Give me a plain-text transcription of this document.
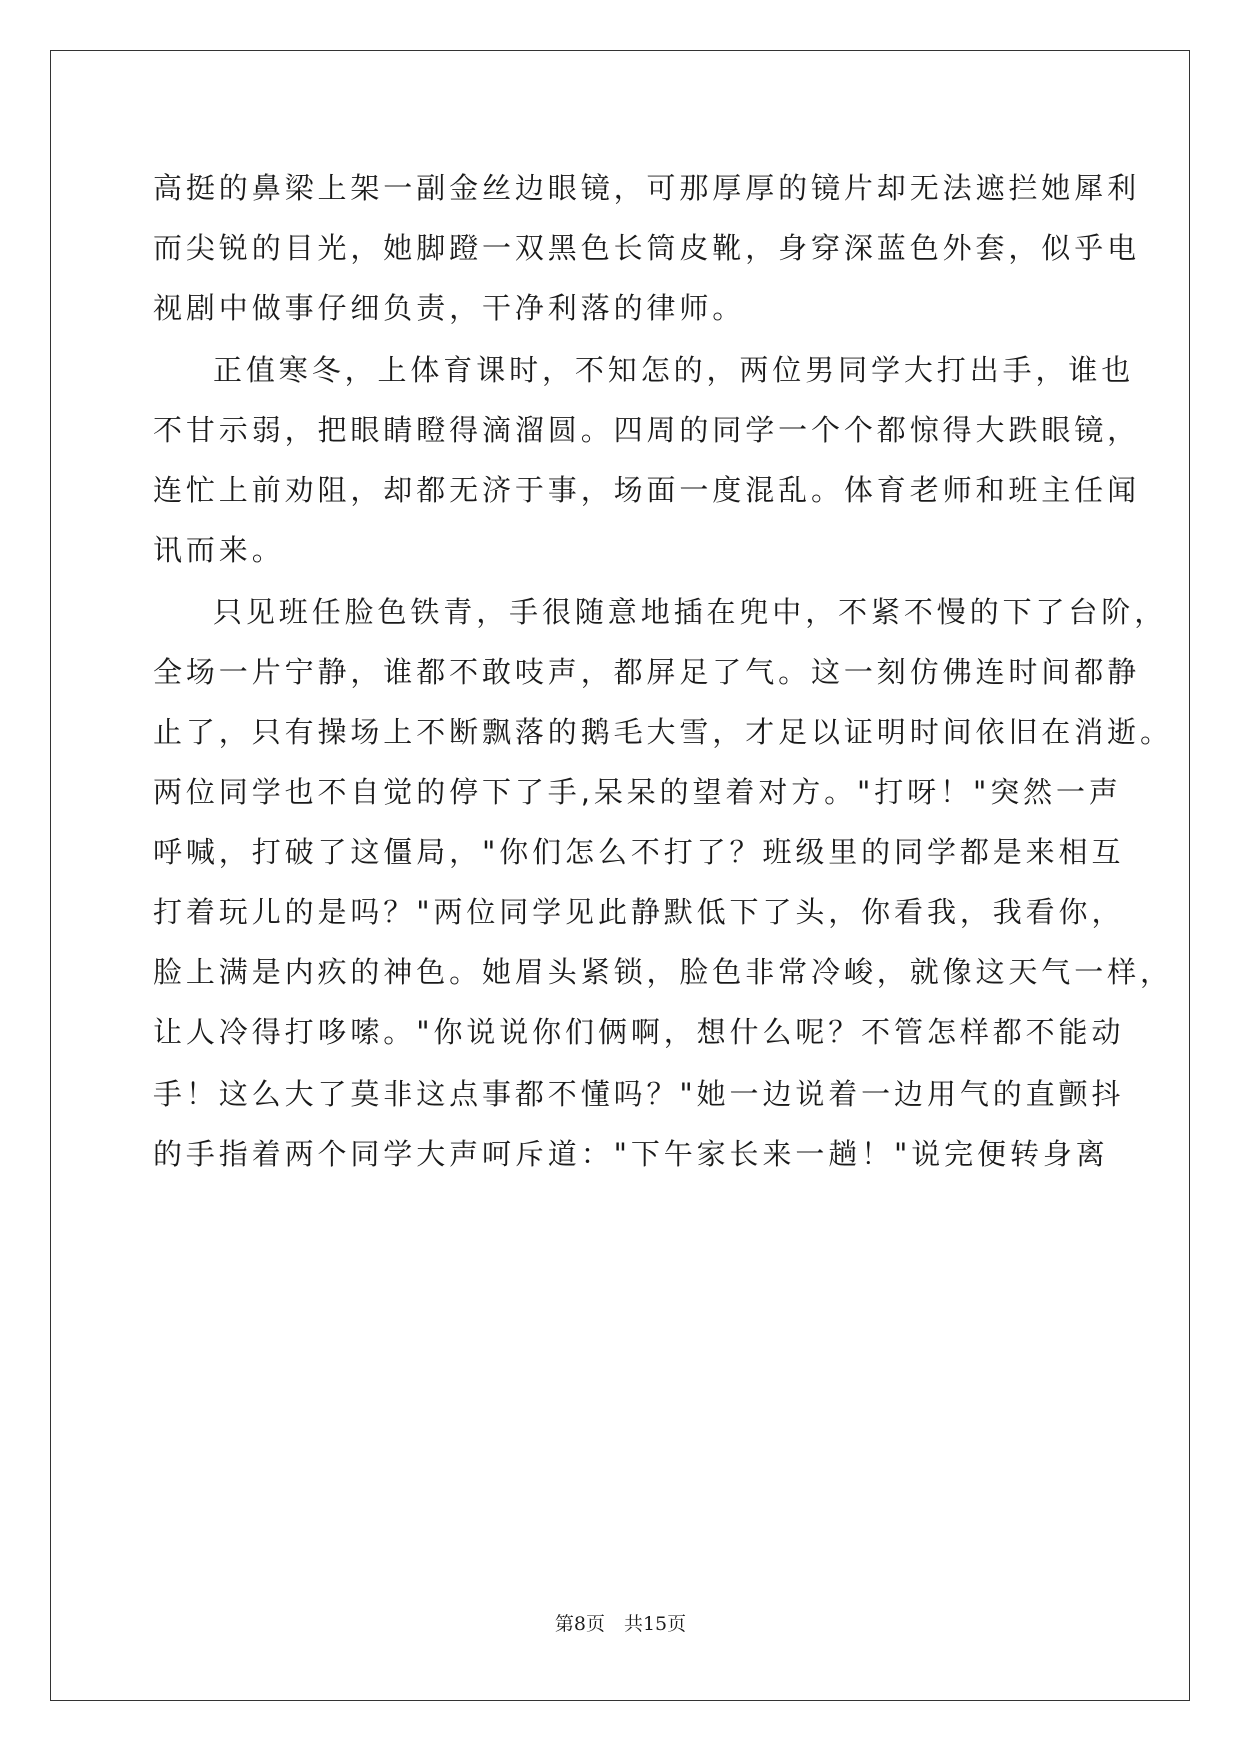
高挺的鼻梁上架一副金丝边眼镜，可那厚厚的镜片却无法遮拦她犀利
而尖锐的目光，她脚蹬一双黑色长筒皮靴，身穿深蓝色外套，似乎电
视剧中做事仔细负责，干净利落的律师。
正值寒冬，上体育课时，不知怎的，两位男同学大打出手，谁也
不甘示弱，把眼睛瞪得滴溜圆。四周的同学一个个都惊得大跌眼镜，
连忙上前劝阻，却都无济于事，场面一度混乱。体育老师和班主任闻
讯而来。
只见班任脸色铁青，手很随意地插在兜中，不紧不慢的下了台阶，
全场一片宁静，谁都不敢吱声，都屏足了气。这一刻仿佛连时间都静
止了，只有操场上不断飘落的鹅毛大雪，才足以证明时间依旧在消逝。
两位同学也不自觉的停下了手,呆呆的望着对方。"打呀！"突然一声
呼喊，打破了这僵局，"你们怎么不打了？班级里的同学都是来相互
打着玩儿的是吗？"两位同学见此静默低下了头，你看我，我看你，
脸上满是内疚的神色。她眉头紧锁，脸色非常冷峻，就像这天气一样，
让人冷得打哆嗦。"你说说你们俩啊，想什么呢？不管怎样都不能动
手！这么大了莫非这点事都不懂吗？"她一边说着一边用气的直颤抖
的手指着两个同学大声呵斥道："下午家长来一趟！"说完便转身离
第8页　共15页
